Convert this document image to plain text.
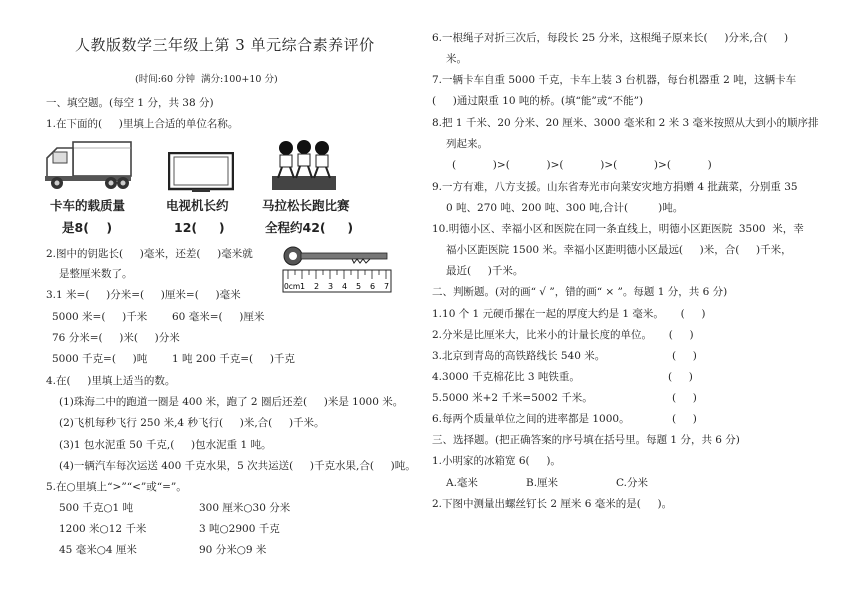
人教版数学三年级上第 3 单元综合素养评价
(时间:60 分钟  满分:100+10 分)
一、填空题。(每空 1 分，共 38 分)
1.在下面的(     )里填上合适的单位名称。
卡车的载质量
是8(    )
电视机长约
12(     )
马拉松长跑比赛
全程约42(     )
2.图中的钥匙长(     )毫米，还差(     )毫米就
是整厘米数了。
0cm 1 2 3 4 5 6 7
3.1 米=(     )分米=(     )厘米=(     )毫米
5000 米=(     )千米 60 毫米=(     )厘米
76 分米=(     )米(     )分米
5000 千克=(     )吨 1 吨 200 千克=(     )千克
4.在(     )里填上适当的数。
(1)珠海二中的跑道一圈是 400 米，跑了 2 圈后还差(     )米是 1000 米。
(2)飞机每秒飞行 250 米,4 秒飞行(     )米,合(     )千米。
(3)1 包水泥重 50 千克,(     )包水泥重 1 吨。
(4)一辆汽车每次运送 400 千克水果，5 次共运送(     )千克水果,合(     )吨。
5.在○里填上“>”“<”或“=”。
500 千克○1 吨	300 厘米○30 分米
1200 米○12 千米	3 吨○2900 千克
45 毫米○4 厘米	90 分米○9 米
6.一根绳子对折三次后，每段长 25 分米，这根绳子原来长(     )分米,合(     )
米。
7.一辆卡车自重 5000 千克，卡车上装 3 台机器，每台机器重 2 吨，这辆卡车
(     )通过限重 10 吨的桥。(填“能”或“不能”)
8.把 1 千米、20 分米、20 厘米、3000 毫米和 2 米 3 毫米按照从大到小的顺序排
列起来。
(           )>(           )>(           )>(           )>(           )
9.一方有难，八方支援。山东省寿光市向莱安灾地方捐赠 4 批蔬菜，分别重 35
0 吨、270 吨、200 吨、300 吨,合计(         )吨。
10.明德小区、幸福小区和医院在同一条直线上，明德小区距医院  3500  米，幸
福小区距医院 1500 米。幸福小区距明德小区最远(     )米，合(     )千米，
最近(     )千米。
二、判断题。(对的画“ √ ”，错的画“ × ”。每题 1 分，共 6 分)
1.10 个 1 元硬币摞在一起的厚度大约是 1 毫米。     (     )
2.分米是比厘米大，比米小的计量长度的单位。     (     )
3.北京到青岛的高铁路线长 540 米。	(     )
4.3000 千克棉花比 3 吨铁重。	(     )
5.5000 米+2 千米=5002 千米。	(     )
6.每两个质量单位之间的进率都是 1000。	(     )
三、选择题。(把正确答案的序号填在括号里。每题 1 分，共 6 分)
1.小明家的冰箱宽 6(     )。
A.毫米	B.厘米	C.分米
2.下图中测量出螺丝钉长 2 厘米 6 毫米的是(     )。
